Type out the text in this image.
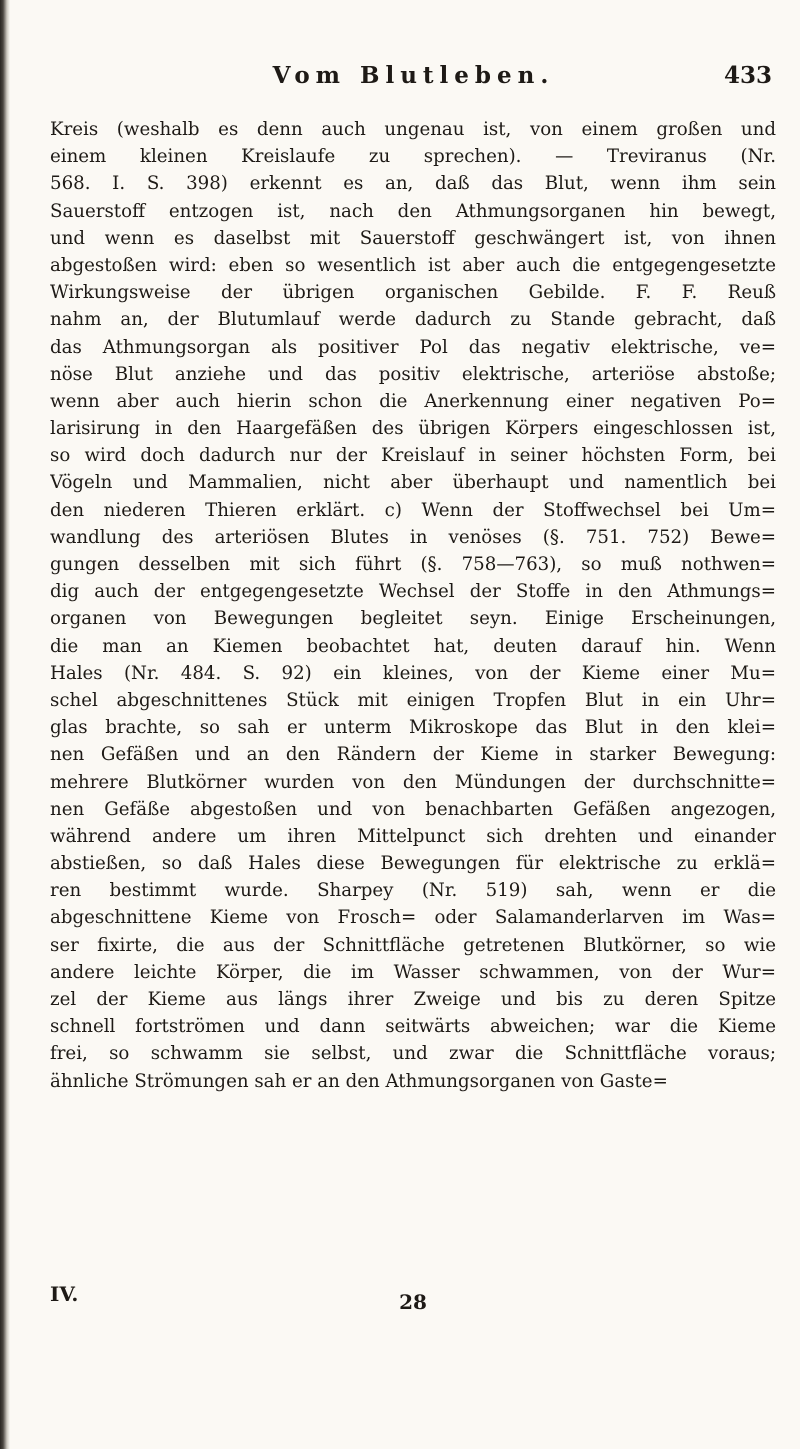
Vom Blutleben.	433
Kreis (weshalb es denn auch ungenau ist, von einem großen und
einem kleinen Kreislaufe zu sprechen). — Treviranus (Nr.
568. I. S. 398) erkennt es an, daß das Blut, wenn ihm sein
Sauerstoff entzogen ist, nach den Athmungsorganen hin bewegt,
und wenn es daselbst mit Sauerstoff geschwängert ist, von ihnen
abgestoßen wird: eben so wesentlich ist aber auch die entgegengesetzte
Wirkungsweise der übrigen organischen Gebilde. F. F. Reuß
nahm an, der Blutumlauf werde dadurch zu Stande gebracht, daß
das Athmungsorgan als positiver Pol das negativ elektrische, ve=
nöse Blut anziehe und das positiv elektrische, arteriöse abstoße;
wenn aber auch hierin schon die Anerkennung einer negativen Po=
larisirung in den Haargefäßen des übrigen Körpers eingeschlossen ist,
so wird doch dadurch nur der Kreislauf in seiner höchsten Form, bei
Vögeln und Mammalien, nicht aber überhaupt und namentlich bei
den niederen Thieren erklärt. c) Wenn der Stoffwechsel bei Um=
wandlung des arteriösen Blutes in venöses (§. 751. 752) Bewe=
gungen desselben mit sich führt (§. 758—763), so muß nothwen=
dig auch der entgegengesetzte Wechsel der Stoffe in den Athmungs=
organen von Bewegungen begleitet seyn. Einige Erscheinungen,
die man an Kiemen beobachtet hat, deuten darauf hin. Wenn
Hales (Nr. 484. S. 92) ein kleines, von der Kieme einer Mu=
schel abgeschnittenes Stück mit einigen Tropfen Blut in ein Uhr=
glas brachte, so sah er unterm Mikroskope das Blut in den klei=
nen Gefäßen und an den Rändern der Kieme in starker Bewegung:
mehrere Blutkörner wurden von den Mündungen der durchschnitte=
nen Gefäße abgestoßen und von benachbarten Gefäßen angezogen,
während andere um ihren Mittelpunct sich drehten und einander
abstießen, so daß Hales diese Bewegungen für elektrische zu erklä=
ren bestimmt wurde. Sharpey (Nr. 519) sah, wenn er die
abgeschnittene Kieme von Frosch= oder Salamanderlarven im Was=
ser fixirte, die aus der Schnittfläche getretenen Blutkörner, so wie
andere leichte Körper, die im Wasser schwammen, von der Wur=
zel der Kieme aus längs ihrer Zweige und bis zu deren Spitze
schnell fortströmen und dann seitwärts abweichen; war die Kieme
frei, so schwamm sie selbst, und zwar die Schnittfläche voraus;
ähnliche Strömungen sah er an den Athmungsorganen von Gaste=
IV.	28
